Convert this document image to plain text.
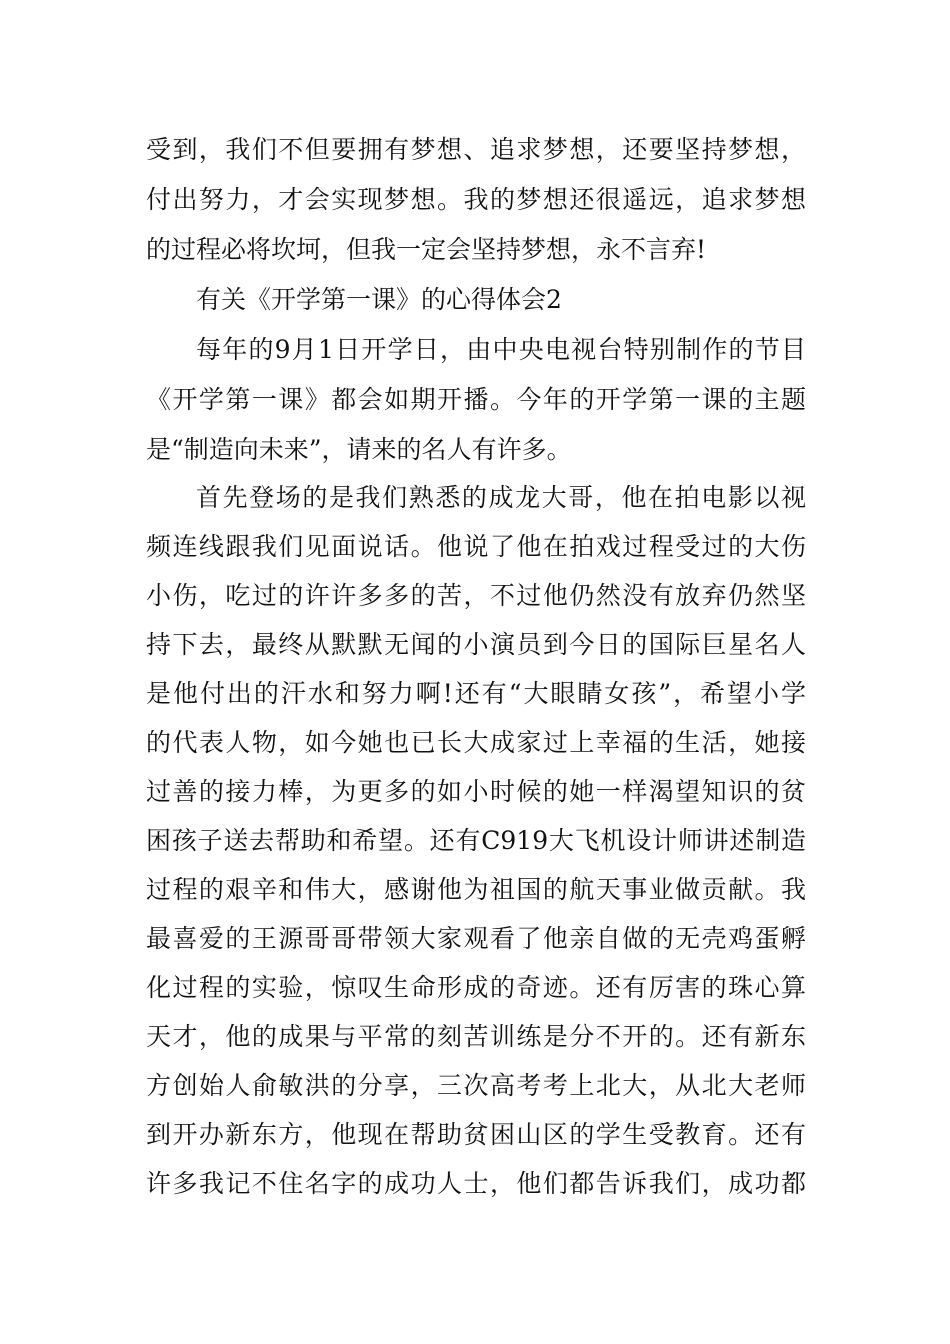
受到，我们不但要拥有梦想、追求梦想，还要坚持梦想，
付出努力，才会实现梦想。我的梦想还很遥远，追求梦想
的过程必将坎坷，但我一定会坚持梦想，永不言弃!
有关《开学第一课》的心得体会2
每年的9月1日开学日，由中央电视台特别制作的节目
《开学第一课》都会如期开播。今年的开学第一课的主题
是“制造向未来”，请来的名人有许多。
首先登场的是我们熟悉的成龙大哥，他在拍电影以视
频连线跟我们见面说话。他说了他在拍戏过程受过的大伤
小伤，吃过的许许多多的苦，不过他仍然没有放弃仍然坚
持下去，最终从默默无闻的小演员到今日的国际巨星名人
是他付出的汗水和努力啊!还有“大眼睛女孩”，希望小学
的代表人物，如今她也已长大成家过上幸福的生活，她接
过善的接力棒，为更多的如小时候的她一样渴望知识的贫
困孩子送去帮助和希望。还有C919大飞机设计师讲述制造
过程的艰辛和伟大，感谢他为祖国的航天事业做贡献。我
最喜爱的王源哥哥带领大家观看了他亲自做的无壳鸡蛋孵
化过程的实验，惊叹生命形成的奇迹。还有厉害的珠心算
天才，他的成果与平常的刻苦训练是分不开的。还有新东
方创始人俞敏洪的分享，三次高考考上北大，从北大老师
到开办新东方，他现在帮助贫困山区的学生受教育。还有
许多我记不住名字的成功人士，他们都告诉我们，成功都
